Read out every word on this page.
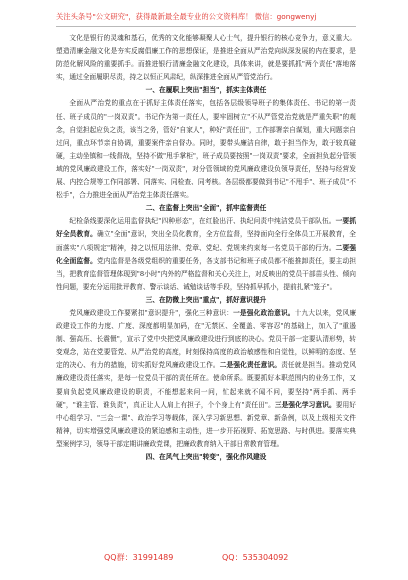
关注头条号"公文研究"，获得最新最全最专业的公文资料库！ 微信：gongwenyj

文化是银行的灵魂和基石，优秀的文化能够凝聚人心士气，提升银行的核心竞争力，意义重大。塑造清廉金融文化是夯实反腐倡廉工作的思想保证，是推进全面从严治党向纵深发展的内在要求，是防范化解风险的重要抓手。而推进银行清廉金融文化建设，具体来讲，就是要抓抓"两个责任"落地落实，通过全面履职尽责，持之以恒正风肃纪，纵深推进全面从严管党治行。

一、在履职上突出"担当"，抓实主体责任

全面从严治党的重点在于抓好主体责任落实，包括各层级领导班子的集体责任、书记的第一责任、班子成员的"一岗双责"。书记作为第一责任人，要牢固树立"不从严管党治党就是严重失职"的观念，自觉担起应负之责，该当之务，管好"自家人"，种好"责任田"，工作部署亲自谋划，重大问题亲自过问，重点环节亲自协调，重要案件亲自督办。同时，要带头廉洁自律，敢于担当作为，敢于较真碰硬，主动坐镇和一线督战，坚持不做"甩手掌柜"，班子成员要按照"一岗双责"要求，全面担负起分管领域的党风廉政建设工作，落实好"一岗双责"，对分管领域的党风廉政建设负领导责任，坚持与经营发展、内控合规等工作同部署、同落实、同检查、同考核。各层级都要做到书记"不甩手"、班子成员"不松手"，合力推进全面从严治党主体责任落实。

二、在监督上突出"全面"，抓牢监督责任

纪检条线要深化运用监督执纪"四种形态"，在红脸出汗、执纪问责中纯洁党员干部队伍。一要抓好全员教育。确立"全面"意识，突出全员化教育，全方位监督，坚持面向全行全体员工开展教育，全面落实"八项规定"精神，持之以恒用法律、党章、党纪、党规来约束每一名党员干部的行为。二要强化全面监督。党内监督是各级党组织的重要任务，各支部书记和班子成员都不能推卸责任，要主动担当，把教育监督管理体现到"8小时"内外的严格监督和关心关注上，对反映出的党员干部苗头性、倾向性问题，要充分运用批评教育、警示谈话、诫勉谈话等手段，坚持抓早抓小，提前扎紧"笼子"。

三、在防微上突出"重点"，抓好意识提升

党风廉政建设工作要紧扣"意识提升"，强化三种意识：一是强化政治意识。十九大以来，党风廉政建设工作的力度、广度、深度都明显加码，在"无禁区、全覆盖、零容忍"的基础上，加入了"重遏制、强高压、长震慑"，宣示了党中央把党风廉政建设进行到底的决心。党员干部一定要认清形势，转变观念，站在党要管党、从严治党的高度，时刻保持高度的政治敏感性和自觉性，以鲜明的态度、坚定的决心、有力的措施，切实抓好党风廉政建设工作。二是强化责任意识。责任就是担当。推动党风廉政建设责任落实，是每一位党员干部的责任所在。使命所系。既要抓好本职范围内的业务工作，又要肩负起党风廉政建设的职责，不能想起来问一问，忙起来就不闻不问，要坚持"两手抓、两手硬"，"谁主管、谁负责"，真正让人人肩上有担子，个个身上有"责任田"。三是强化学习意识。要用好中心组学习、"三会一课"、政治学习等载体，深入学习新思想、新党章、新条例，以及上级相关文件精神，切实增强党风廉政建设的紧迫感和主动性，进一步开拓视野、拓宽思路、与时俱进。要落实典型案例学习，领导干部定期讲廉政党课，把廉政教育纳入干部日常教育管理。

四、在风气上突出"转变"，强化作风建设

QQ群：31991489	QQ：535304092
